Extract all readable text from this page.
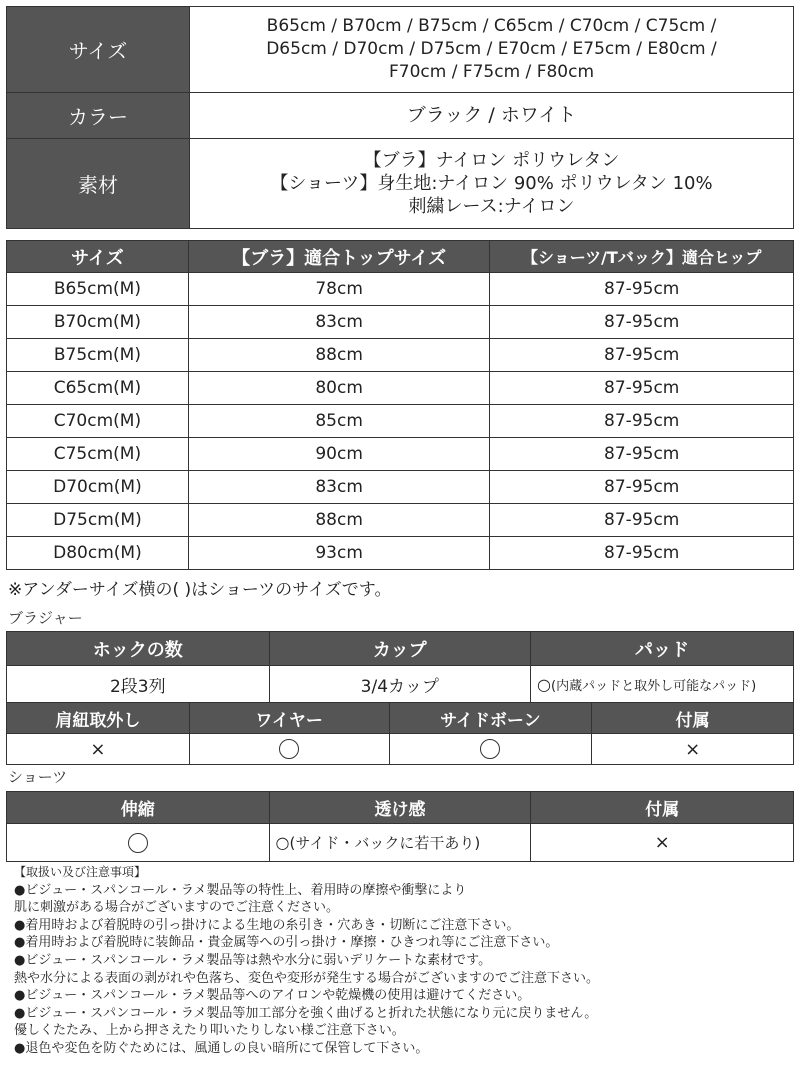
サイズ	B65cm / B70cm / B75cm / C65cm / C70cm / C75cm /
D65cm / D70cm / D75cm / E70cm / E75cm / E80cm /
F70cm / F75cm / F80cm

カラー	ブラック / ホワイト
素材	【ブラ】ナイロン ポリウレタン
【ショーツ】身生地:ナイロン 90% ポリウレタン 10%
刺繍レース:ナイロン
サイズ	【ブラ】適合トップサイズ	【ショーツ/Tバック】適合ヒップ
B65cm(M)	78cm	87-95cm
B70cm(M)	83cm	87-95cm
B75cm(M)	88cm	87-95cm
C65cm(M)	80cm	87-95cm
C70cm(M)	85cm	87-95cm
C75cm(M)	90cm	87-95cm
D70cm(M)	83cm	87-95cm
D75cm(M)	88cm	87-95cm
D80cm(M)	93cm	87-95cm
※アンダーサイズ横の( )はショーツのサイズです。
ブラジャー
ホックの数	カップ	パッド
2段3列	3/4カップ	○(内蔵パッドと取外し可能なパッド)
肩紐取外し	ワイヤー	サイドボーン	付属
×			×
ショーツ
伸縮	透け感	付属
	○(サイド・バックに若干あり)	×
【取扱い及び注意事項】
●ビジュー・スパンコール・ラメ製品等の特性上、着用時の摩擦や衝撃により
肌に刺激がある場合がございますのでご注意ください。
●着用時および着脱時の引っ掛けによる生地の糸引き・穴あき・切断にご注意下さい。
●着用時および着脱時に装飾品・貴金属等への引っ掛け・摩擦・ひきつれ等にご注意下さい。
●ビジュー・スパンコール・ラメ製品等は熱や水分に弱いデリケートな素材です。
熱や水分による表面の剥がれや色落ち、変色や変形が発生する場合がございますのでご注意下さい。
●ビジュー・スパンコール・ラメ製品等へのアイロンや乾燥機の使用は避けてください。
●ビジュー・スパンコール・ラメ製品等加工部分を強く曲げると折れた状態になり元に戻りません。
優しくたたみ、上から押さえたり叩いたりしない様ご注意下さい。
●退色や変色を防ぐためには、風通しの良い暗所にて保管して下さい。
